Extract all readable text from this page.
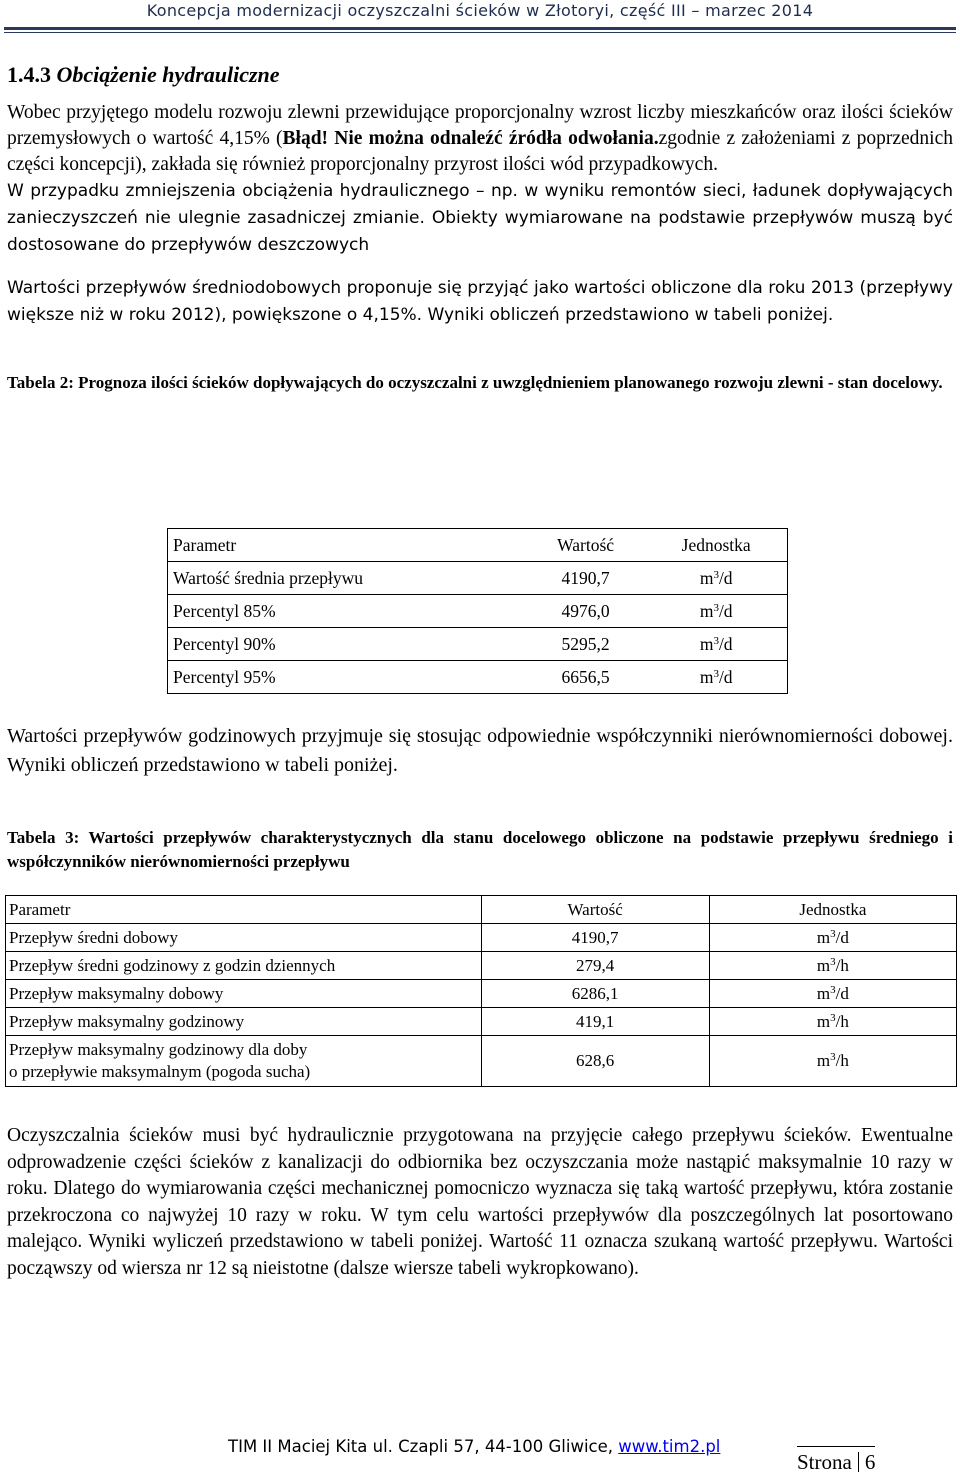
Koncepcja modernizacji oczyszczalni ścieków w Złotoryi, część III – marzec 2014
1.4.3 Obciążenie hydrauliczne

Wobec przyjętego modelu rozwoju zlewni przewidujące proporcjonalny wzrost liczby mieszkańców oraz ilości ścieków przemysłowych o wartość 4,15% (Błąd! Nie można odnaleźć źródła odwołania.zgodnie z założeniami z poprzednich części koncepcji), zakłada się również proporcjonalny przyrost ilości wód przypadkowych.

W przypadku zmniejszenia obciążenia hydraulicznego – np. w wyniku remontów sieci, ładunek dopływających zanieczyszczeń nie ulegnie zasadniczej zmianie. Obiekty wymiarowane na podstawie przepływów muszą być dostosowane do przepływów deszczowych

Wartości przepływów średniodobowych proponuje się przyjąć jako wartości obliczone dla roku 2013 (przepływy większe niż w roku 2012), powiększone o 4,15%. Wyniki obliczeń przedstawiono w tabeli poniżej.

Tabela 2: Prognoza ilości ścieków dopływających do oczyszczalni z uwzględnieniem planowanego rozwoju zlewni - stan docelowy.

Parametr	Wartość	Jednostka
Wartość średnia przepływu	4190,7	$m^3/d$
Percentyl 85%	4976,0	$m^3/d$
Percentyl 90%	5295,2	$m^3/d$
Percentyl 95%	6656,5	$m^3/d$

Wartości przepływów godzinowych przyjmuje się stosując odpowiednie współczynniki nierównomierności dobowej. Wyniki obliczeń przedstawiono w tabeli poniżej.

Tabela 3: Wartości przepływów charakterystycznych dla stanu docelowego obliczone na podstawie przepływu średniego i współczynników nierównomierności przepływu

Parametr	Wartość	Jednostka
Przepływ średni dobowy	4190,7	$m^3/d$
Przepływ średni godzinowy z godzin dziennych	279,4	$m^3/h$
Przepływ maksymalny dobowy	6286,1	$m^3/d$
Przepływ maksymalny godzinowy	419,1	$m^3/h$
Przepływ maksymalny godzinowy dla doby
o przepływie maksymalnym (pogoda sucha)	628,6	$m^3/h$

Oczyszczalnia ścieków musi być hydraulicznie przygotowana na przyjęcie całego przepływu ścieków. Ewentualne odprowadzenie części ścieków z kanalizacji do odbiornika bez oczyszczania może nastąpić maksymalnie 10 razy w roku. Dlatego do wymiarowania części mechanicznej pomocniczo wyznacza się taką wartość przepływu, która zostanie przekroczona co najwyżej 10 razy w roku. W tym celu wartości przepływów dla poszczególnych lat posortowano malejąco. Wyniki wyliczeń przedstawiono w tabeli poniżej. Wartość 11 oznacza szukaną wartość przepływu. Wartości począwszy od wiersza nr 12 są nieistotne (dalsze wiersze tabeli wykropkowano).

TIM II Maciej Kita ul. Czapli 57, 44-100 Gliwice, www.tim2.pl
Strona 6
